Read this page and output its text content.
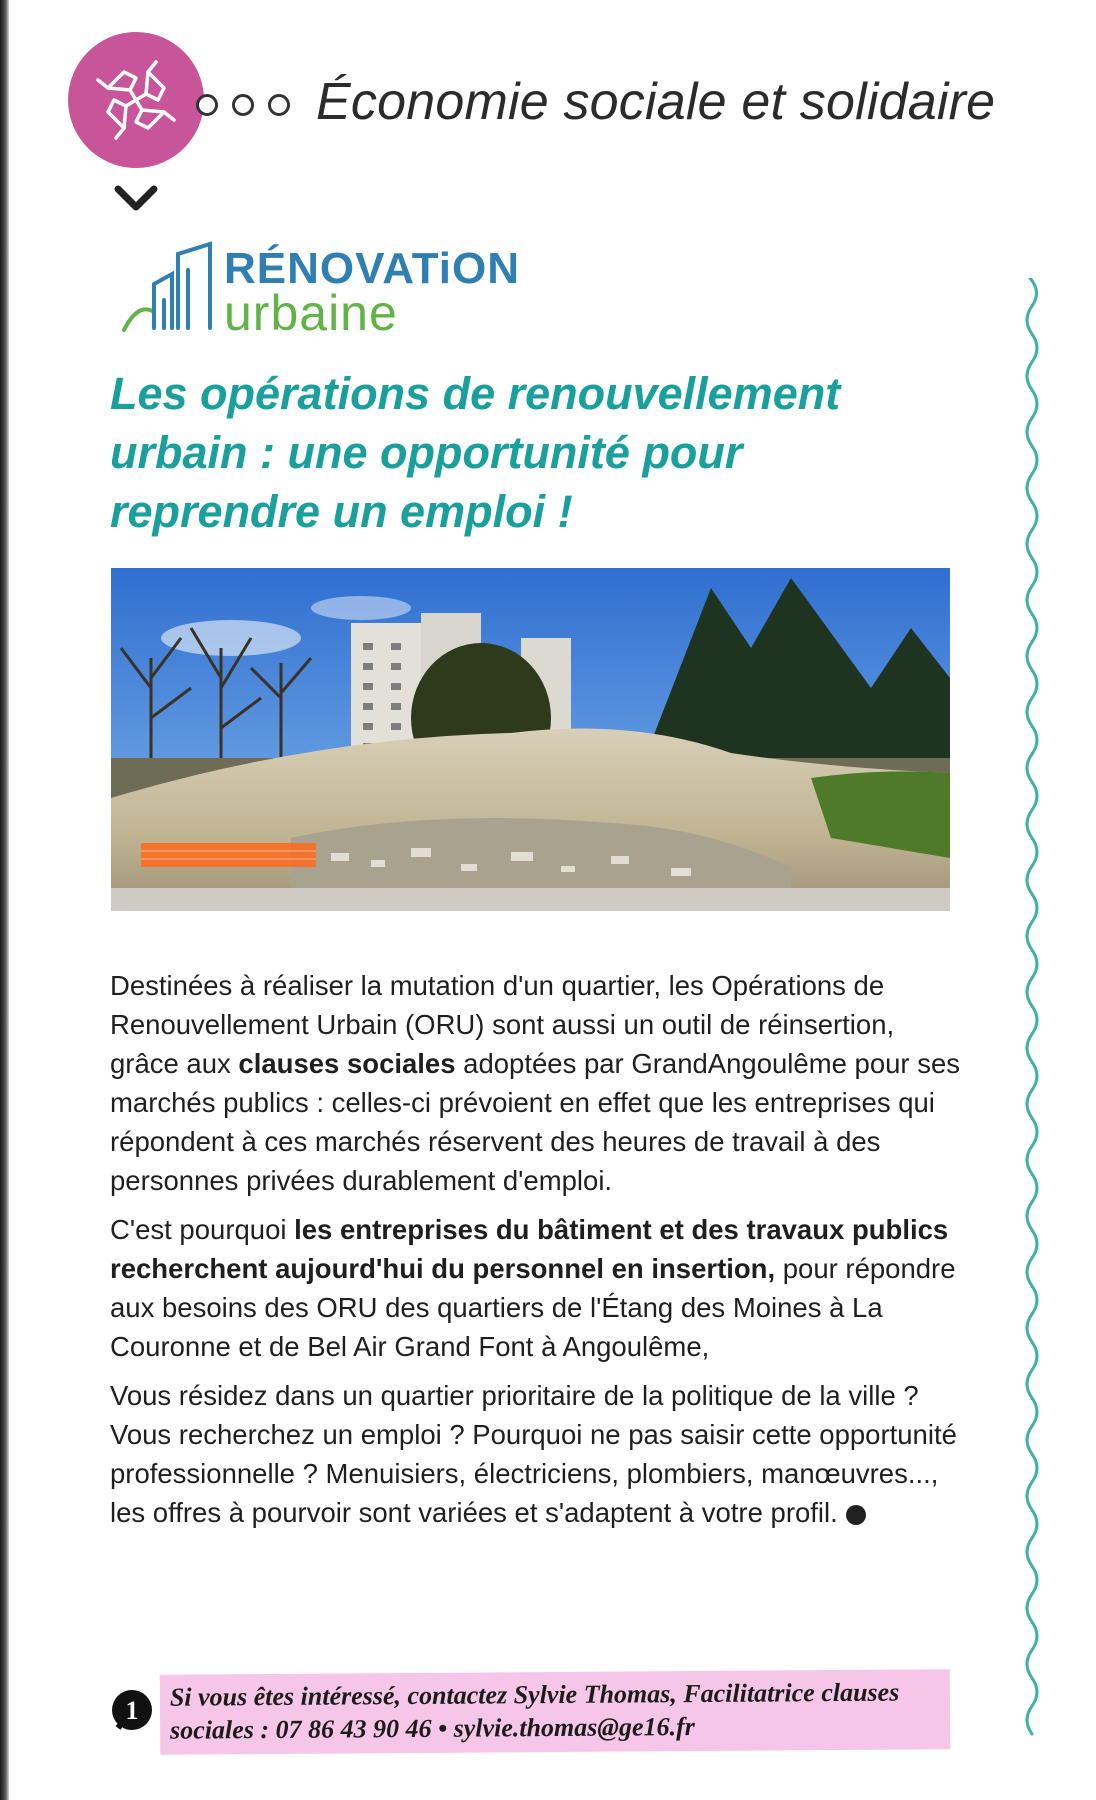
Économie sociale et solidaire
RÉNOVATiON
urbaine
Les opérations de renouvellement
urbain : une opportunité pour
reprendre un emploi !

Destinées à réaliser la mutation d'un quartier, les Opérations de Renouvellement Urbain (ORU) sont aussi un outil de réinsertion, grâce aux clauses sociales adoptées par GrandAngoulême pour ses marchés publics : celles-ci prévoient en effet que les entreprises qui répondent à ces marchés réservent des heures de travail à des personnes privées durablement d'emploi.

C'est pourquoi les entreprises du bâtiment et des travaux publics recherchent aujourd'hui du personnel en insertion, pour répondre aux besoins des ORU des quartiers de l'Étang des Moines à La Couronne et de Bel Air Grand Font à Angoulême,

Vous résidez dans un quartier prioritaire de la politique de la ville ? Vous recherchez un emploi ? Pourquoi ne pas saisir cette opportunité professionnelle ? Menuisiers, électriciens, plombiers, manœuvres..., les offres à pourvoir sont variées et s'adaptent à votre profil.

1 Si vous êtes intéressé, contactez Sylvie Thomas, Facilitatrice clauses sociales : 07 86 43 90 46 • sylvie.thomas@ge16.fr
